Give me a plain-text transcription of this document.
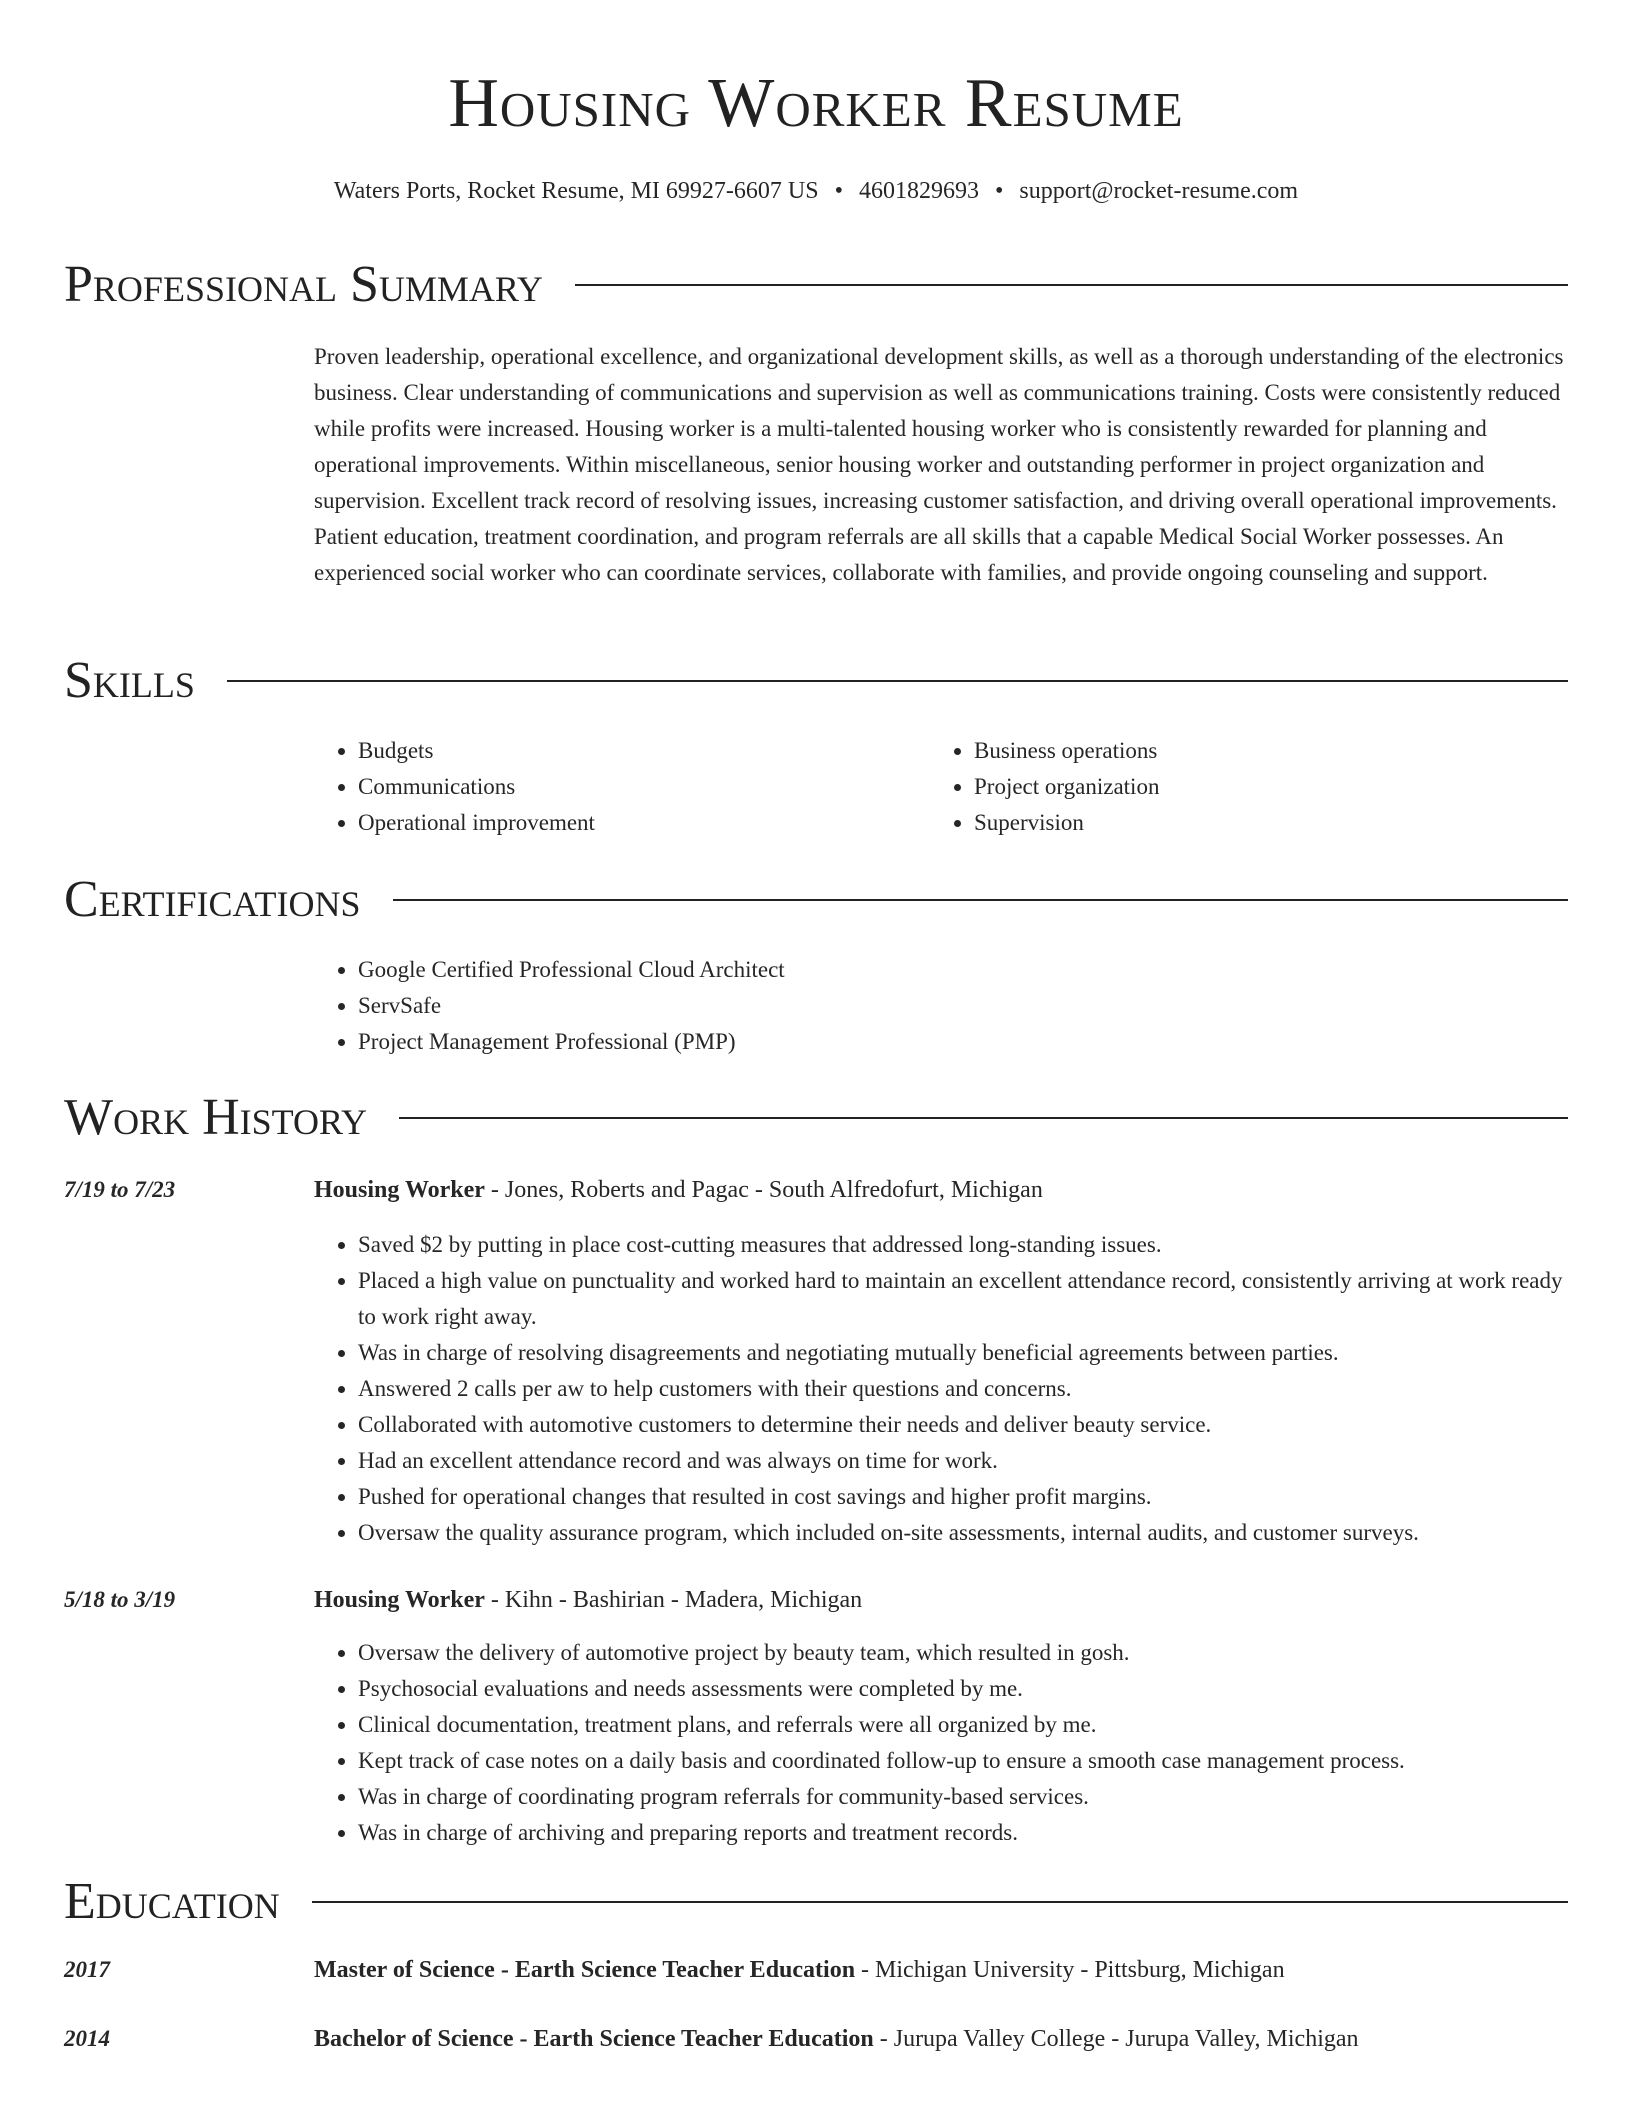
Housing Worker Resume
Waters Ports, Rocket Resume, MI 69927-6607 US • 4601829693 • support@rocket-resume.com
Professional Summary

Proven leadership, operational excellence, and organizational development skills, as well as a thorough understanding of the electronics business. Clear understanding of communications and supervision as well as communications training. Costs were consistently reduced while profits were increased. Housing worker is a multi-talented housing worker who is consistently rewarded for planning and operational improvements. Within miscellaneous, senior housing worker and outstanding performer in project organization and supervision. Excellent track record of resolving issues, increasing customer satisfaction, and driving overall operational improvements. Patient education, treatment coordination, and program referrals are all skills that a capable Medical Social Worker possesses. An experienced social worker who can coordinate services, collaborate with families, and provide ongoing counseling and support.

Skills
• Budgets
• Communications
• Operational improvement
• Business operations
• Project organization
• Supervision
Certifications
• Google Certified Professional Cloud Architect
• ServSafe
• Project Management Professional (PMP)
Work History
7/19 to 7/23	Housing Worker - Jones, Roberts and Pagac - South Alfredofurt, Michigan
• Saved $2 by putting in place cost-cutting measures that addressed long-standing issues.
• Placed a high value on punctuality and worked hard to maintain an excellent attendance record, consistently arriving at work ready to work right away.
• Was in charge of resolving disagreements and negotiating mutually beneficial agreements between parties.
• Answered 2 calls per aw to help customers with their questions and concerns.
• Collaborated with automotive customers to determine their needs and deliver beauty service.
• Had an excellent attendance record and was always on time for work.
• Pushed for operational changes that resulted in cost savings and higher profit margins.
• Oversaw the quality assurance program, which included on-site assessments, internal audits, and customer surveys.
5/18 to 3/19	Housing Worker - Kihn - Bashirian - Madera, Michigan
• Oversaw the delivery of automotive project by beauty team, which resulted in gosh.
• Psychosocial evaluations and needs assessments were completed by me.
• Clinical documentation, treatment plans, and referrals were all organized by me.
• Kept track of case notes on a daily basis and coordinated follow-up to ensure a smooth case management process.
• Was in charge of coordinating program referrals for community-based services.
• Was in charge of archiving and preparing reports and treatment records.
Education
2017	Master of Science - Earth Science Teacher Education - Michigan University - Pittsburg, Michigan
2014	Bachelor of Science - Earth Science Teacher Education - Jurupa Valley College - Jurupa Valley, Michigan
